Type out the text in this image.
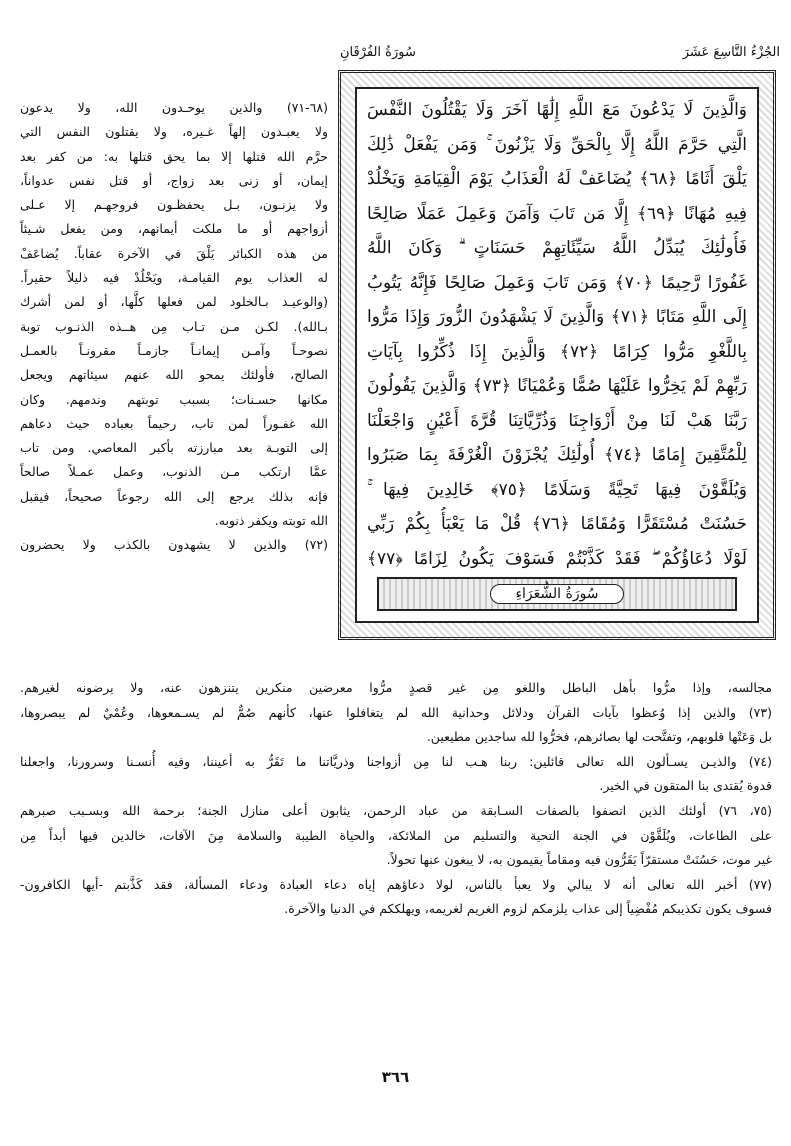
الجُزْءُ التَّاسِعَ عَشَرَ
سُورَةُ الفُرْقَانِ
وَالَّذِينَ لَا يَدْعُونَ مَعَ اللَّهِ إِلَٰهًا آخَرَ وَلَا يَقْتُلُونَ النَّفْسَ
الَّتِي حَرَّمَ اللَّهُ إِلَّا بِالْحَقِّ وَلَا يَزْنُونَ ۚ وَمَن يَفْعَلْ ذَٰلِكَ
يَلْقَ أَثَامًا ﴿٦٨﴾ يُضَاعَفْ لَهُ الْعَذَابُ يَوْمَ الْقِيَامَةِ وَيَخْلُدْ
فِيهِ مُهَانًا ﴿٦٩﴾ إِلَّا مَن تَابَ وَآمَنَ وَعَمِلَ عَمَلًا صَالِحًا
فَأُولَٰئِكَ يُبَدِّلُ اللَّهُ سَيِّئَاتِهِمْ حَسَنَاتٍ ۗ وَكَانَ اللَّهُ
غَفُورًا رَّحِيمًا ﴿٧٠﴾ وَمَن تَابَ وَعَمِلَ صَالِحًا فَإِنَّهُ يَتُوبُ
إِلَى اللَّهِ مَتَابًا ﴿٧١﴾ وَالَّذِينَ لَا يَشْهَدُونَ الزُّورَ وَإِذَا مَرُّوا
بِاللَّغْوِ مَرُّوا كِرَامًا ﴿٧٢﴾ وَالَّذِينَ إِذَا ذُكِّرُوا بِآيَاتِ
رَبِّهِمْ لَمْ يَخِرُّوا عَلَيْهَا صُمًّا وَعُمْيَانًا ﴿٧٣﴾ وَالَّذِينَ يَقُولُونَ
رَبَّنَا هَبْ لَنَا مِنْ أَزْوَاجِنَا وَذُرِّيَّاتِنَا قُرَّةَ أَعْيُنٍ وَاجْعَلْنَا
لِلْمُتَّقِينَ إِمَامًا ﴿٧٤﴾ أُولَٰئِكَ يُجْزَوْنَ الْغُرْفَةَ بِمَا صَبَرُوا
وَيُلَقَّوْنَ فِيهَا تَحِيَّةً وَسَلَامًا ﴿٧٥﴾ خَالِدِينَ فِيهَا ۚ
حَسُنَتْ مُسْتَقَرًّا وَمُقَامًا ﴿٧٦﴾ قُلْ مَا يَعْبَأُ بِكُمْ رَبِّي
لَوْلَا دُعَاؤُكُمْ ۖ فَقَدْ كَذَّبْتُمْ فَسَوْفَ يَكُونُ لِزَامًا ﴿٧٧﴾
سُورَةُ الشُّعَرَاءِ

(٦٨-٧١) والذين يوحـدون الله، ولا يدعون

ولا يعبـدون إلهاً غـيره، ولا يقتلون النفس التي

حرَّم الله قتلها إلا بما يحق قتلها به: من كفر بعد

إيمان، أو زنى بعد زواج، أو قتل نفس عدواناً،

ولا يزنـون، بـل يحفظـون فروجهـم إلا عـلى

أزواجهم أو ما ملكت أيمانهم، ومن يفعل شـيئاً

من هذه الكبائر يَلْقَ في الآخرة عقاباً. يُضاعَفْ

له العذاب يوم القيامـة، ويَخْلُدْ فيه ذليلاً حقيراً.

(والوعيـد بـالخلود لمن فعلها كلَّها، أو لمن أشرك

بـالله). لكـن مـن تـاب مِن هــذه الذنـوب توبة

نصوحـاً وآمـن إيمانـاً جازمـاً مقرونـاً بالعمـل

الصالح، فأولئك يمحو الله عنهم سيئاتهم ويجعل

مكانها حسـنات؛ بسبب توبتهم وندمهم. وكان

الله غفـوراً لمن تاب، رحيماً بعباده حيث دعاهم

إلى التوبـة بعد مبارزته بأكبر المعاصي. ومن تاب

عمَّا ارتكب مـن الذنوب، وعمل عمـلاً صالحاً

فإنه بذلك يرجع إلى الله رجوعاً صحيحاً، فيقبل

الله توبته ويكفر ذنوبه.

(٧٢) والذين لا يشهدون بالكذب ولا يحضرون

مجالسه، وإذا مرُّوا بأهل الباطل واللغو مِن غير قصدٍ مرُّوا معرضين منكرين يتنزهون عنه، ولا يرضونه لغيرهم.

(٧٣) والذين إذا وُعظوا بآيات القرآن ودلائل وحدانية الله لم يتغافلوا عنها، كأنهم صُمٌّ لم يسـمعوها، وعُمْيٌ لم يبصروها،

بل وَعَتْها قلوبهم، وتفتَّحت لها بصائرهم، فخرُّوا لله ساجدين مطيعين.

(٧٤) والذيـن يسـألون الله تعالى قائلين: ربنا هـب لنا مِن أزواجنا وذريَّاتنا ما تَقَرُّ به أعيننا، وفيه أُنسـنا وسرورنا، واجعلنا

قدوة يُقتدى بنا المتقون في الخير.

(٧٥، ٧٦) أولئك الذين اتصفوا بالصفات السـابقة من عباد الرحمن، يثابون أعلى منازل الجنة؛ برحمة الله وبسـبب صبرهم

على الطاعات، ويُلَقَّوْن في الجنة التحية والتسليم من الملائكة، والحياة الطيبة والسلامة مِنَ الآفات، خالدين فيها أبداً مِن

غير موت، حَسُنَتْ مستقرّاً يَقَرُّون فيه ومقاماً يقيمون به، لا يبغون عنها تحولاً.

(٧٧) أخبر الله تعالى أنه لا يبالي ولا يعبأ بالناس، لولا دعاؤهم إياه دعاء العبادة ودعاء المسألة، فقد كَذَّبتم -أيها الكافرون-

فسوف يكون تكذيبكم مُفْضِياً إلى عذاب يلزمكم لزوم الغريم لغريمه، ويهلككم في الدنيا والآخرة.

٣٦٦
